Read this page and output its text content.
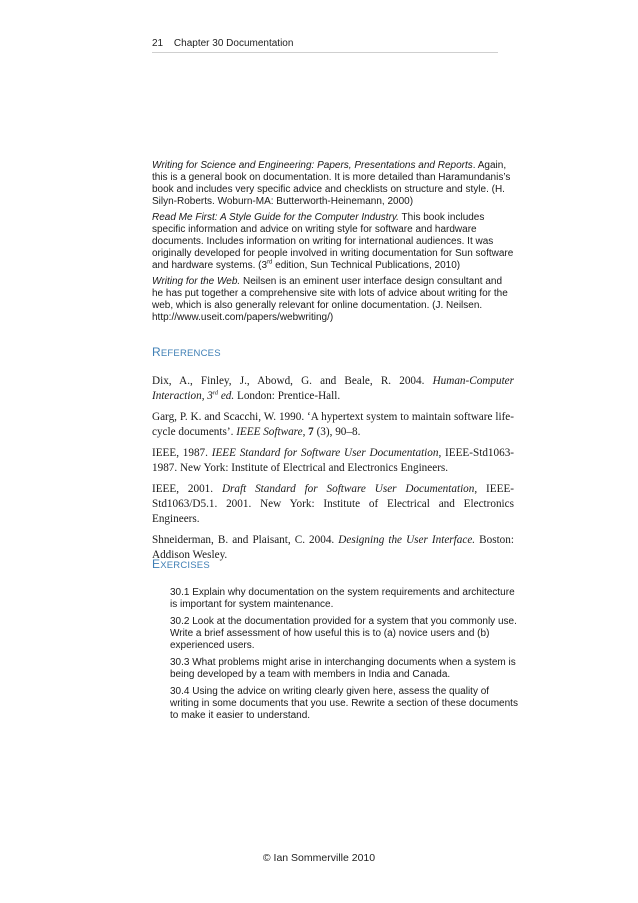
21 Chapter 30 Documentation

Writing for Science and Engineering: Papers, Presentations and Reports. Again, this is a general book on documentation. It is more detailed than Haramundanis’s book and includes very specific advice and checklists on structure and style. (H. Silyn-Roberts. Woburn-MA: Butterworth-Heinemann, 2000)

Read Me First: A Style Guide for the Computer Industry. This book includes specific information and advice on writing style for software and hardware documents. Includes information on writing for international audiences. It was originally developed for people involved in writing documentation for Sun software and hardware systems. (3rd edition, Sun Technical Publications, 2010)

Writing for the Web. Neilsen is an eminent user interface design consultant and he has put together a comprehensive site with lots of advice about writing for the web, which is also generally relevant for online documentation. (J. Neilsen. http://www.useit.com/papers/webwriting/)

REFERENCES

Dix, A., Finley, J., Abowd, G. and Beale, R. 2004. Human-Computer Interaction, 3rd ed. London: Prentice-Hall.

Garg, P. K. and Scacchi, W. 1990. ‘A hypertext system to maintain software life-cycle documents’. IEEE Software, 7 (3), 90–8.

IEEE, 1987. IEEE Standard for Software User Documentation, IEEE-Std1063-1987. New York: Institute of Electrical and Electronics Engineers.

IEEE, 2001. Draft Standard for Software User Documentation, IEEE-Std1063/D5.1. 2001. New York: Institute of Electrical and Electronics Engineers.

Shneiderman, B. and Plaisant, C. 2004. Designing the User Interface. Boston: Addison Wesley.

EXERCISES

30.1 Explain why documentation on the system requirements and architecture is important for system maintenance.

30.2 Look at the documentation provided for a system that you commonly use. Write a brief assessment of how useful this is to (a) novice users and (b) experienced users.

30.3 What problems might arise in interchanging documents when a system is being developed by a team with members in India and Canada.

30.4 Using the advice on writing clearly given here, assess the quality of writing in some documents that you use. Rewrite a section of these documents to make it easier to understand.

© Ian Sommerville 2010
